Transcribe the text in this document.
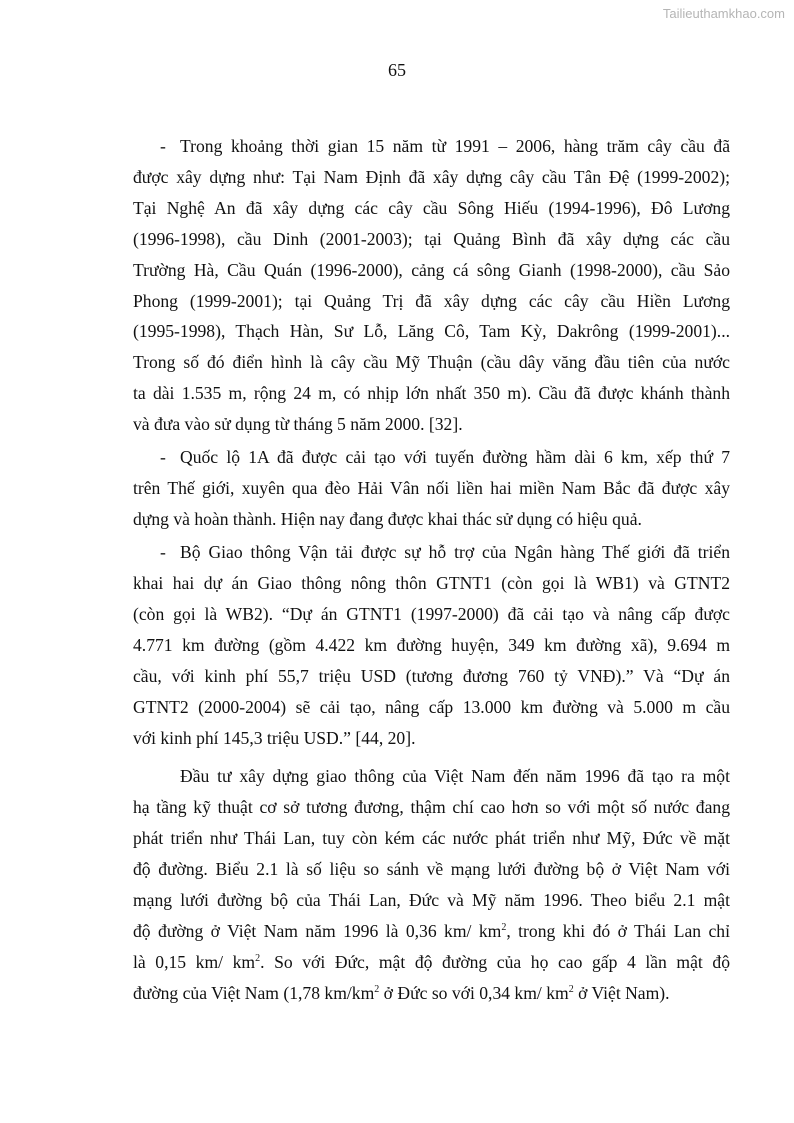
Tailieuthamkhao.com
65
Trong khoảng thời gian 15 năm từ 1991 – 2006, hàng trăm cây cầu đã
-
được xây dựng như: Tại Nam Định đã xây dựng cây cầu Tân Đệ (1999-2002);
Tại Nghệ An đã xây dựng các cây cầu Sông Hiếu (1994-1996), Đô Lương
(1996-1998), cầu Dinh (2001-2003); tại Quảng Bình đã xây dựng các cầu
Trường Hà, Cầu Quán (1996-2000), cảng cá sông Gianh (1998-2000), cầu Sảo
Phong (1999-2001); tại Quảng Trị đã xây dựng các cây cầu Hiền Lương
(1995-1998), Thạch Hàn, Sư Lỗ, Lăng Cô, Tam Kỳ, Dakrông (1999-2001)...
Trong số đó điển hình là cây cầu Mỹ Thuận (cầu dây văng đầu tiên của nước
ta dài 1.535 m, rộng 24 m, có nhịp lớn nhất 350 m). Cầu đã được khánh thành
và đưa vào sử dụng từ tháng 5 năm 2000. [32].
Quốc lộ 1A đã được cải tạo với tuyến đường hầm dài 6 km, xếp thứ 7
-
trên Thế giới, xuyên qua đèo Hải Vân nối liền hai miền Nam Bắc đã được xây
dựng và hoàn thành. Hiện nay đang được khai thác sử dụng có hiệu quả.
Bộ Giao thông Vận tải được sự hỗ trợ của Ngân hàng Thế giới đã triển
-
khai hai dự án Giao thông nông thôn GTNT1 (còn gọi là WB1) và GTNT2
(còn gọi là WB2). “Dự án GTNT1 (1997-2000) đã cải tạo và nâng cấp được
4.771 km đường (gồm 4.422 km đường huyện, 349 km đường xã), 9.694 m
cầu, với kinh phí 55,7 triệu USD (tương đương 760 tỷ VNĐ).” Và “Dự án
GTNT2 (2000-2004) sẽ cải tạo, nâng cấp 13.000 km đường và 5.000 m cầu
với kinh phí 145,3 triệu USD.” [44, 20].
Đầu tư xây dựng giao thông của Việt Nam đến năm 1996 đã tạo ra một
hạ tầng kỹ thuật cơ sở tương đương, thậm chí cao hơn so với một số nước đang
phát triển như Thái Lan, tuy còn kém các nước phát triển như Mỹ, Đức về mặt
độ đường. Biểu 2.1 là số liệu so sánh về mạng lưới đường bộ ở Việt Nam với
mạng lưới đường bộ của Thái Lan, Đức và Mỹ năm 1996. Theo biểu 2.1 mật
độ đường ở Việt Nam năm 1996 là 0,36 km/ $km^2$, trong khi đó ở Thái Lan chỉ
là 0,15 km/ $km^2$. So với Đức, mật độ đường của họ cao gấp 4 lần mật độ
đường của Việt Nam (1,78 $km/km^2$ ở Đức so với 0,34 km/ $km^2$ ở Việt Nam).
